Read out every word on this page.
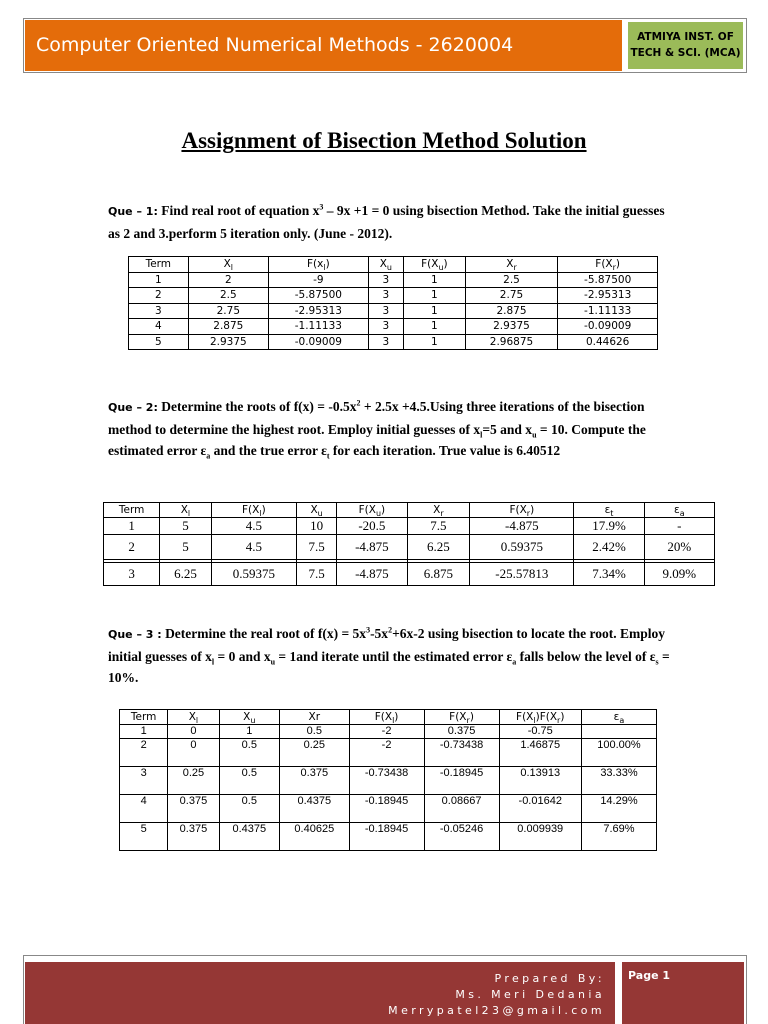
Computer Oriented Numerical Methods - 2620004	ATMIYA INST. OF
TECH & SCI. (MCA)
Assignment of Bisection Method Solution
Que – 1: Find real root of equation $x^3 - 9x +1 = 0$ using bisection Method. Take the initial guesses as 2 and 3.perform 5 iteration only. (June - 2012).
Term	$X_l$	$F(x_l)$	$X_u$	$F(X_u)$	$X_r$	$F(X_r)$
1	2	-9	3	1	2.5	-5.87500
2	2.5	-5.87500	3	1	2.75	-2.95313
3	2.75	-2.95313	3	1	2.875	-1.11133
4	2.875	-1.11133	3	1	2.9375	-0.09009
5	2.9375	-0.09009	3	1	2.96875	0.44626
Que – 2: Determine the roots of $f(x) = -0.5x^2 + 2.5x +4.5.Using$ three iterations of the bisection method to determine the highest root. Employ initial guesses of $x_l=5$ and $x_u = 10$. Compute the estimated error $\varepsilon_a$ and the true error $\varepsilon_t$ for each iteration. True value is 6.40512
Term	$X_l$	$F(X_l)$	$X_u$	$F(X_u)$	$X_r$	$F(X_r)$	$\varepsilon_t$	$\varepsilon_a$
1	5	4.5	10	-20.5	7.5	-4.875	17.9%	-
2	5	4.5	7.5	-4.875	6.25	0.59375	2.42%	20%

3	6.25	0.59375	7.5	-4.875	6.875	-25.57813	7.34%	9.09%
Que – 3 : Determine the real root of $f(x) = 5x^3-5x^2+6x-2$ using bisection to locate the root. Employ initial guesses of $x_l = 0$ and $x_u = 1and$ iterate until the estimated error $\varepsilon_a$ falls below the level of $\varepsilon_s = 10\%$.
Term	$X_l$	$X_u$	Xr	$F(X_l)$	$F(X_r)$	$F(X_l)F(X_r)$	$\varepsilon_a$
1	0	1	0.5	-2	0.375	-0.75	
2	0	0.5	0.25	-2	-0.73438	1.46875	100.00%
3	0.25	0.5	0.375	-0.73438	-0.18945	0.13913	33.33%
4	0.375	0.5	0.4375	-0.18945	0.08667	-0.01642	14.29%
5	0.375	0.4375	0.40625	-0.18945	-0.05246	0.009939	7.69%
Prepared By:
Ms. Meri Dedania
Merrypatel23@gmail.com
Page 1
